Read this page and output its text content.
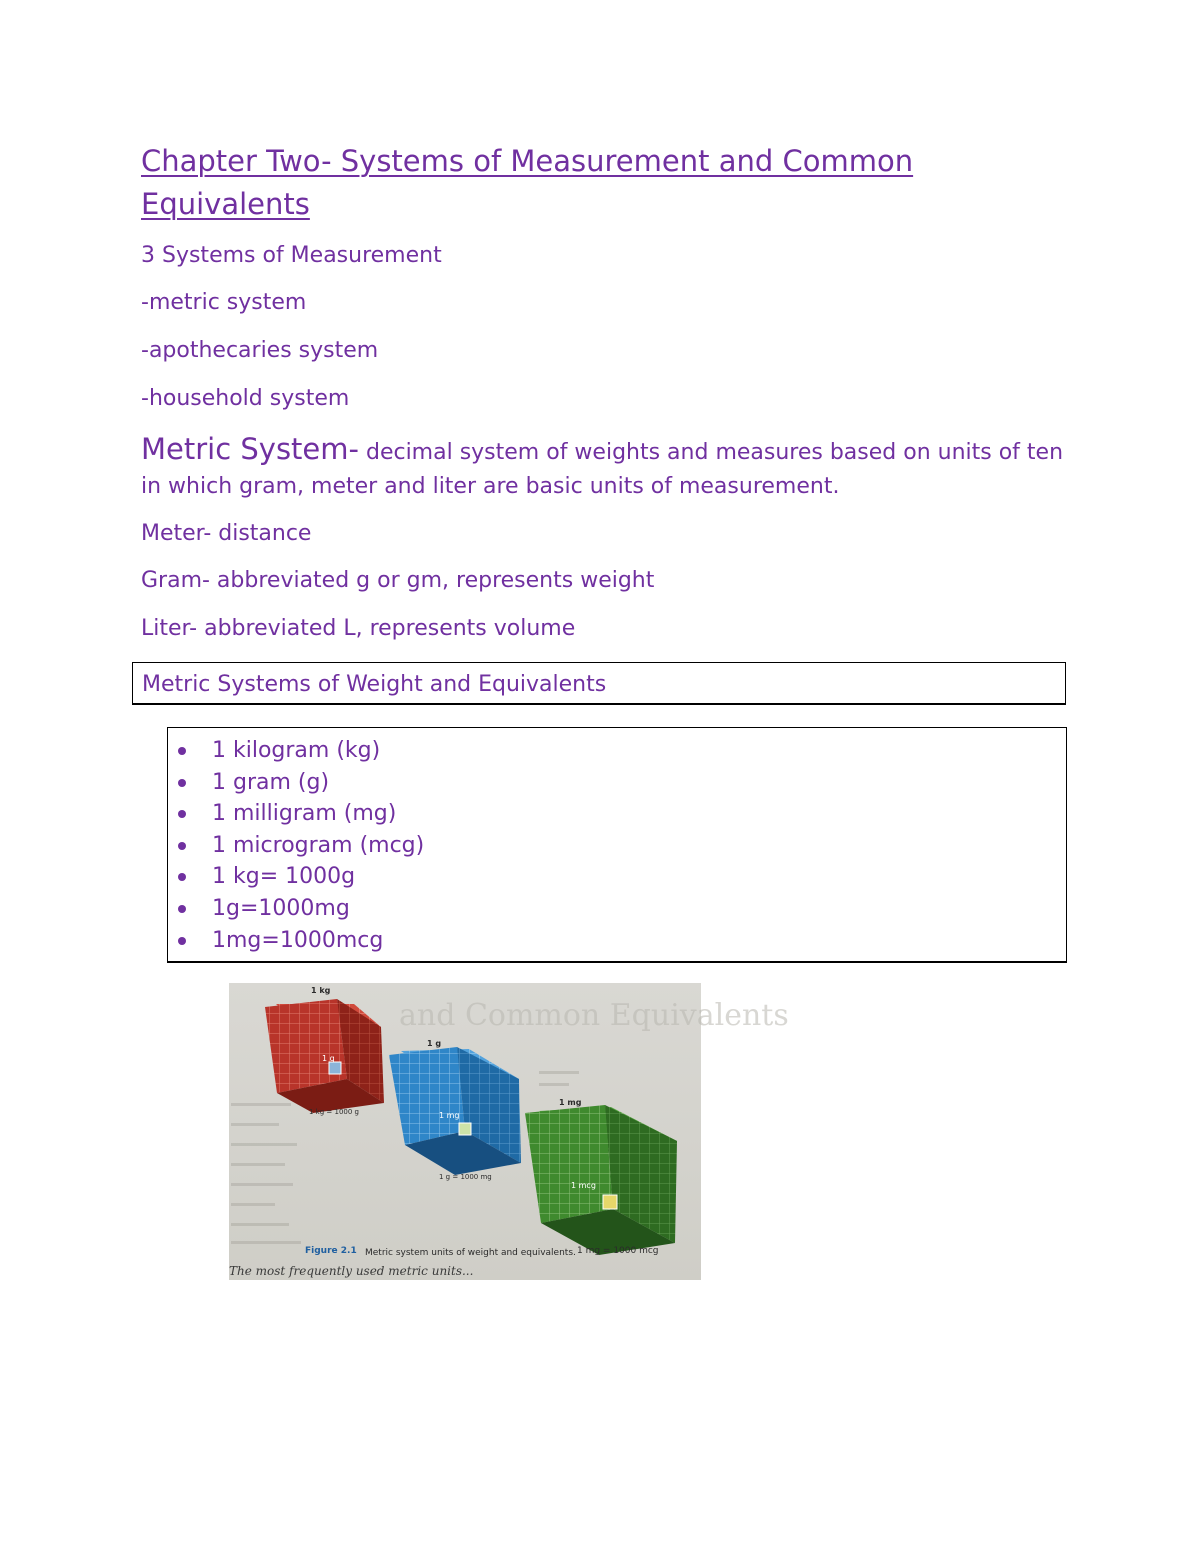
Chapter Two- Systems of Measurement and Common Equivalents

3 Systems of Measurement

-metric system

-apothecaries system

-household system

Metric System- decimal system of weights and measures based on units of ten in which gram, meter and liter are basic units of measurement.

Meter- distance

Gram- abbreviated g or gm, represents weight

Liter- abbreviated L, represents volume

Metric Systems of Weight and Equivalents
1 kilogram (kg)
1 gram (g)
1 milligram (mg)
1 microgram (mcg)
1 kg= 1000g
1g=1000mg
1mg=1000mcg
and Common Equivalents
1 kg
1 g
1 kg = 1000 g
1 g
1 mg
1 g = 1000 mg
1 mg
1 mcg
1 mg = 1000 mcg
Figure 2.1 Metric system units of weight and equivalents.
The most frequently used metric units...
